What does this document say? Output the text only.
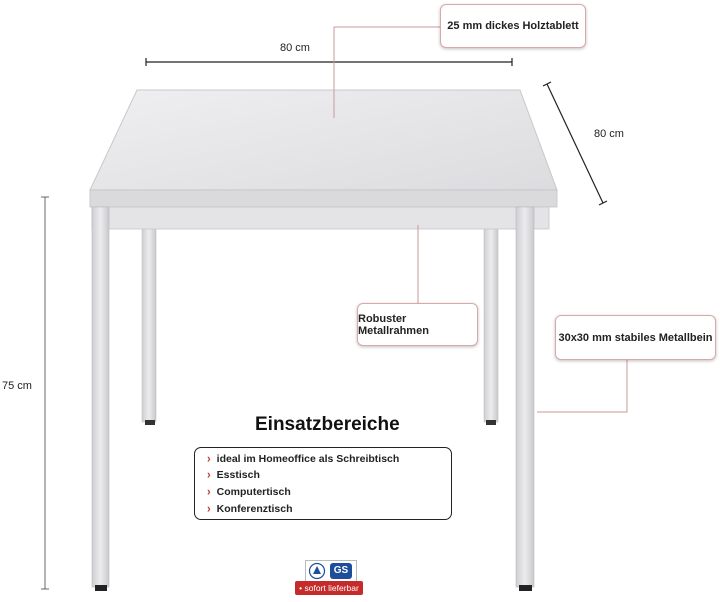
80 cm
80 cm
75 cm
25 mm dickes Holztablett
Robuster Metallrahmen
30x30 mm stabiles Metallbein
Einsatzbereiche
› ideal im Homeoffice als Schreibtisch
› Esstisch
› Computertisch
› Konferenztisch
GS
• sofort lieferbar
